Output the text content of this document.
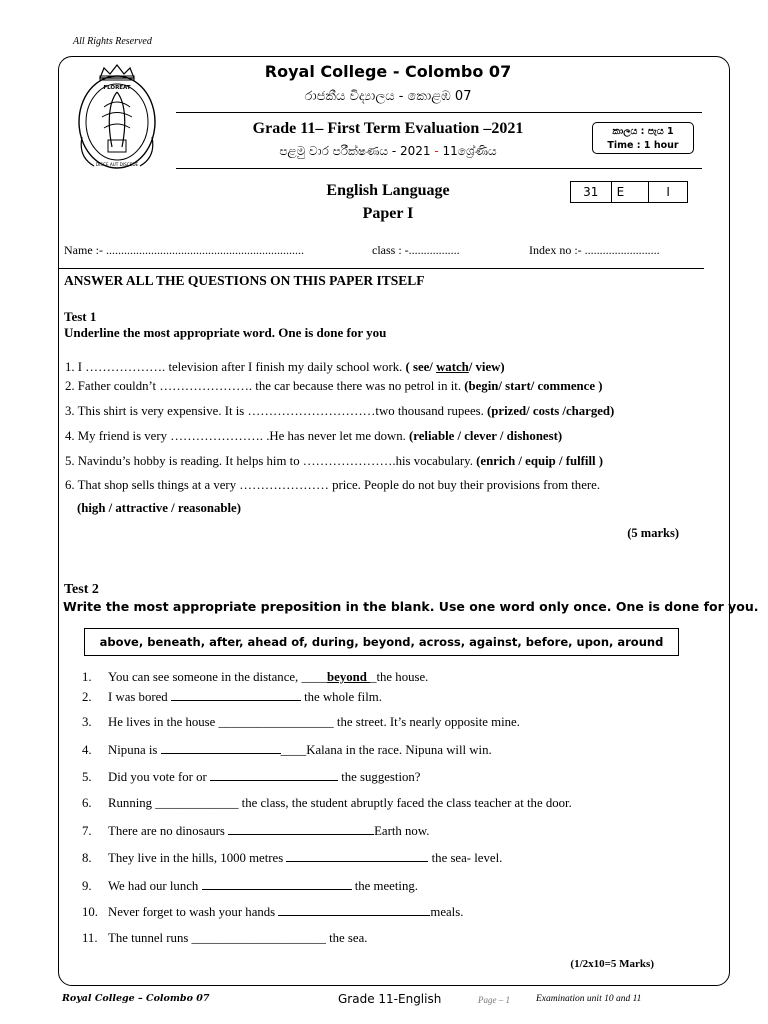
All Rights Reserved
FLOREAT
DISCE AUT DISCEDE
Royal College - Colombo 07
රාජකීය විද්‍යාලය - කොළඹ 07
Grade 11– First Term Evaluation –2021
පළමු වාර පරීක්ෂණය - 2021 - 11ශ්‍රේණිය
කාලය : පැය 1
Time : 1 hour
English Language
Paper I
31	E	I
Name :- ..................................................................	class : -.................	Index no :- .........................
ANSWER ALL THE QUESTIONS ON THIS PAPER ITSELF
Test 1
Underline the most appropriate word. One is done for you
1. I ………………. television after I finish my daily school work. ( see/ watch/ view)
2. Father couldn’t …………………. the car because there was no petrol in it. (begin/ start/ commence )
3. This shirt is very expensive. It is …………………………two thousand rupees. (prized/ costs /charged)
4. My friend is very …………………. .He has never let me down. (reliable / clever / dishonest)
5. Navindu’s hobby is reading. It helps him to ………………….his vocabulary. (enrich / equip / fulfill )
6. That shop sells things at a very ………………… price. People do not buy their provisions from there.
(high / attractive / reasonable)
(5 marks)
Test 2
Write the most appropriate preposition in the blank. Use one word only once. One is done for you.
above, beneath, after, ahead of, during, beyond, across, against, before, upon, around
1. You can see someone in the distance, ____beyond _the house.
2. I was bored	the whole film.
3. He lives in the house __________________ the street. It’s nearly opposite mine.
4. Nipuna is	____Kalana in the race. Nipuna will win.
5. Did you vote for or	the suggestion?
6. Running _____________ the class, the student abruptly faced the class teacher at the door.
7. There are no dinosaurs	Earth now.
8. They live in the hills, 1000 metres	the sea- level.
9. We had our lunch	the meeting.
10. Never forget to wash your hands	meals.
11. The tunnel runs _____________________ the sea.
(1/2x10=5 Marks)
Royal College – Colombo 07	Grade 11-English	Page – 1	Examination unit 10 and 11
